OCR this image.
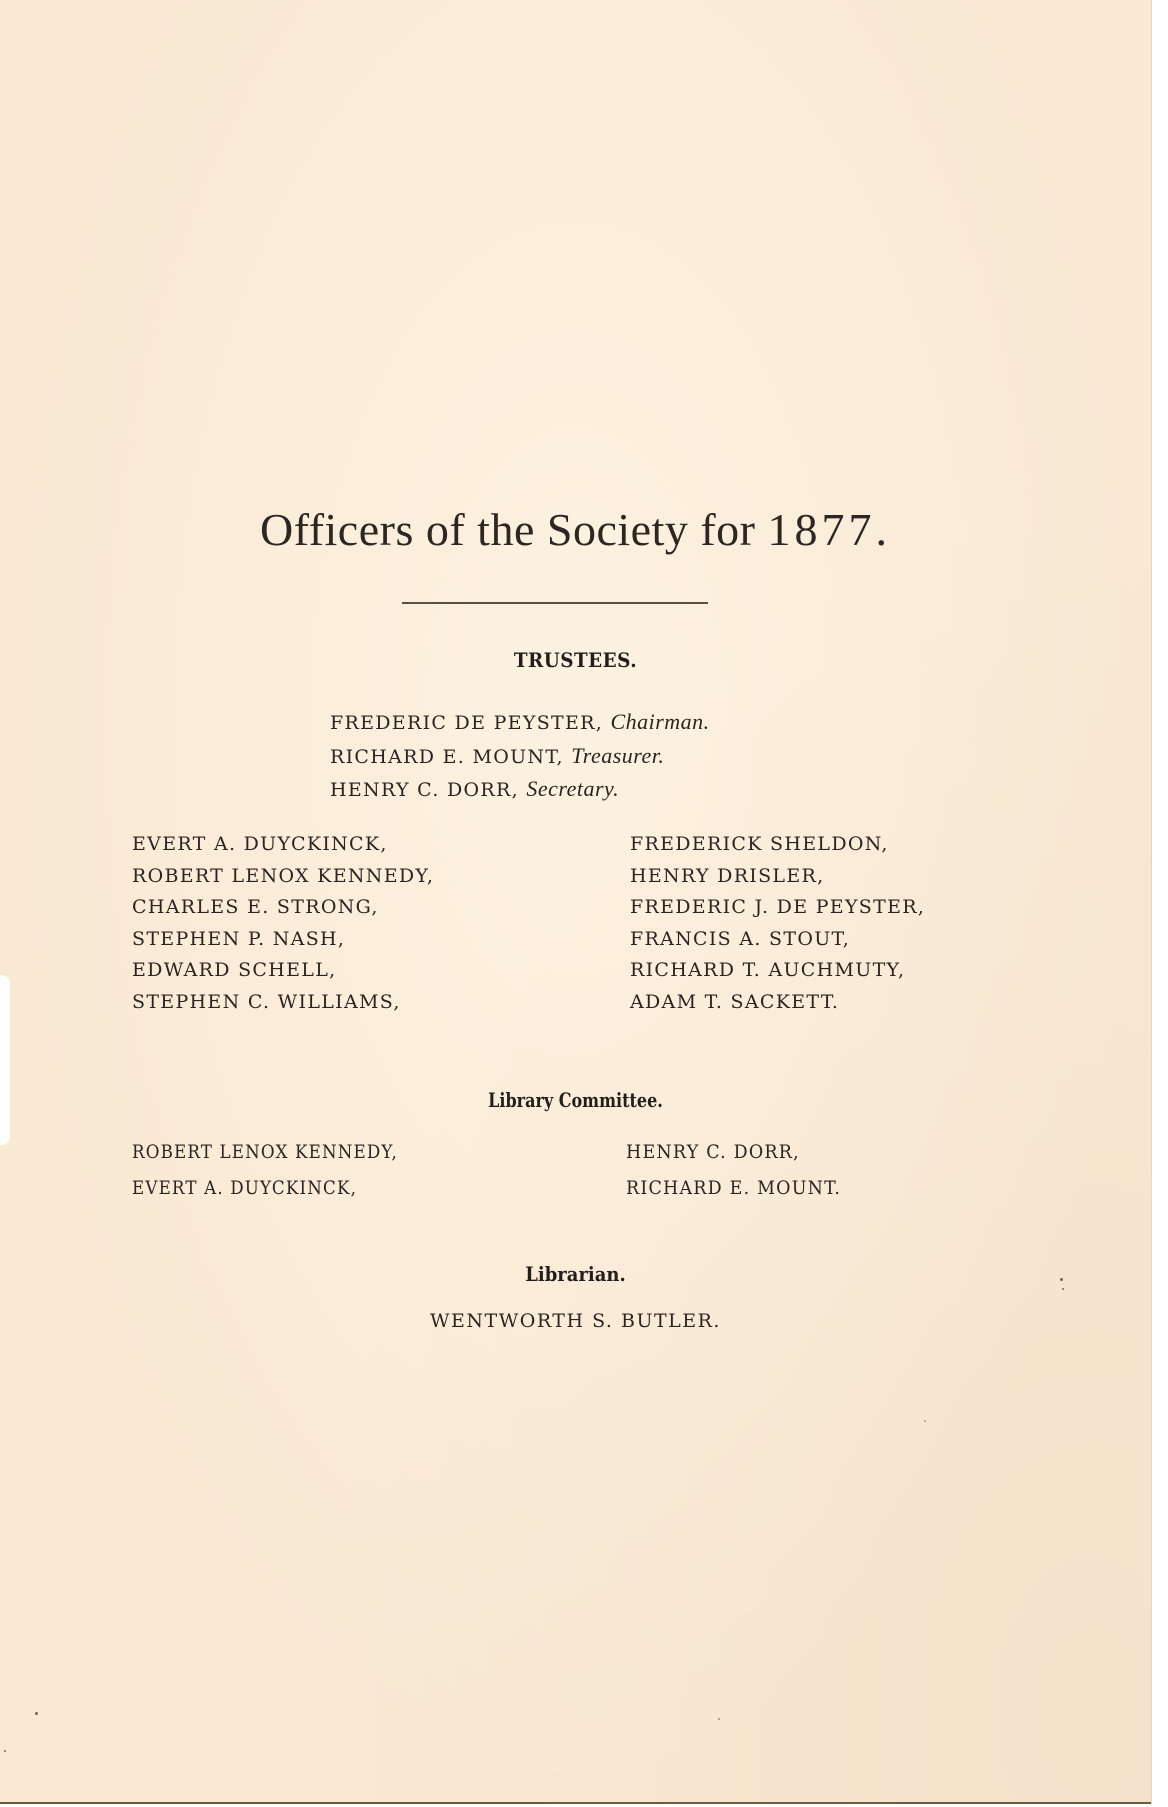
Officers of the Society for 1877.
TRUSTEES.
FREDERIC DE PEYSTER, Chairman.
RICHARD E. MOUNT, Treasurer.
HENRY C. DORR, Secretary.
EVERT A. DUYCKINCK,
ROBERT LENOX KENNEDY,
CHARLES E. STRONG,
STEPHEN P. NASH,
EDWARD SCHELL,
STEPHEN C. WILLIAMS,
FREDERICK SHELDON,
HENRY DRISLER,
FREDERIC J. DE PEYSTER,
FRANCIS A. STOUT,
RICHARD T. AUCHMUTY,
ADAM T. SACKETT.
Library Committee.
ROBERT LENOX KENNEDY,
EVERT A. DUYCKINCK,
HENRY C. DORR,
RICHARD E. MOUNT.
Librarian.
WENTWORTH S. BUTLER.
